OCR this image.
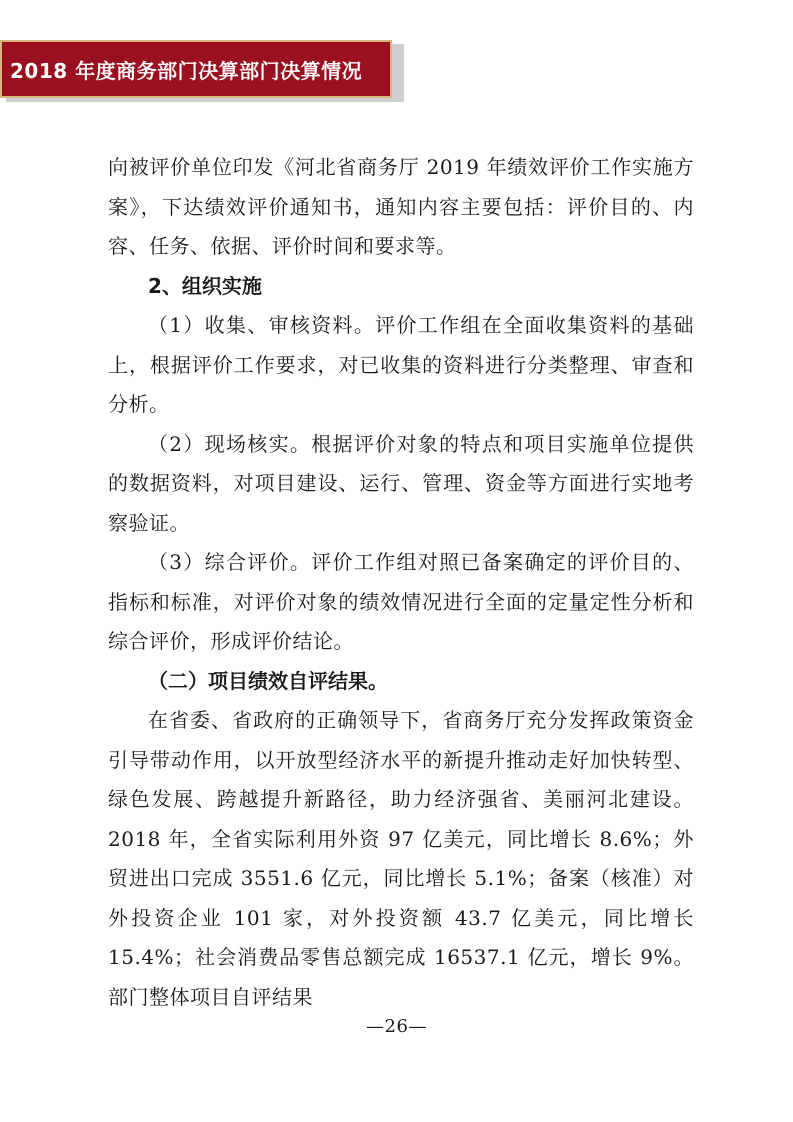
2018 年度商务部门决算部门决算情况

向被评价单位印发《河北省商务厅 2019 年绩效评价工作实施方案》，下达绩效评价通知书，通知内容主要包括：评价目的、内容、任务、依据、评价时间和要求等。

2、组织实施

（1）收集、审核资料。评价工作组在全面收集资料的基础上，根据评价工作要求，对已收集的资料进行分类整理、审查和分析。

（2）现场核实。根据评价对象的特点和项目实施单位提供的数据资料，对项目建设、运行、管理、资金等方面进行实地考察验证。

（3）综合评价。评价工作组对照已备案确定的评价目的、指标和标准，对评价对象的绩效情况进行全面的定量定性分析和综合评价，形成评价结论。

（二）项目绩效自评结果。

在省委、省政府的正确领导下，省商务厅充分发挥政策资金引导带动作用，以开放型经济水平的新提升推动走好加快转型、绿色发展、跨越提升新路径，助力经济强省、美丽河北建设。2018 年，全省实际利用外资 97 亿美元，同比增长 8.6%；外贸进出口完成 3551.6 亿元，同比增长 5.1%；备案（核准）对外投资企业 101 家，对外投资额 43.7 亿美元，同比增长 15.4%；社会消费品零售总额完成 16537.1 亿元，增长 9%。部门整体项目自评结果

—26—
